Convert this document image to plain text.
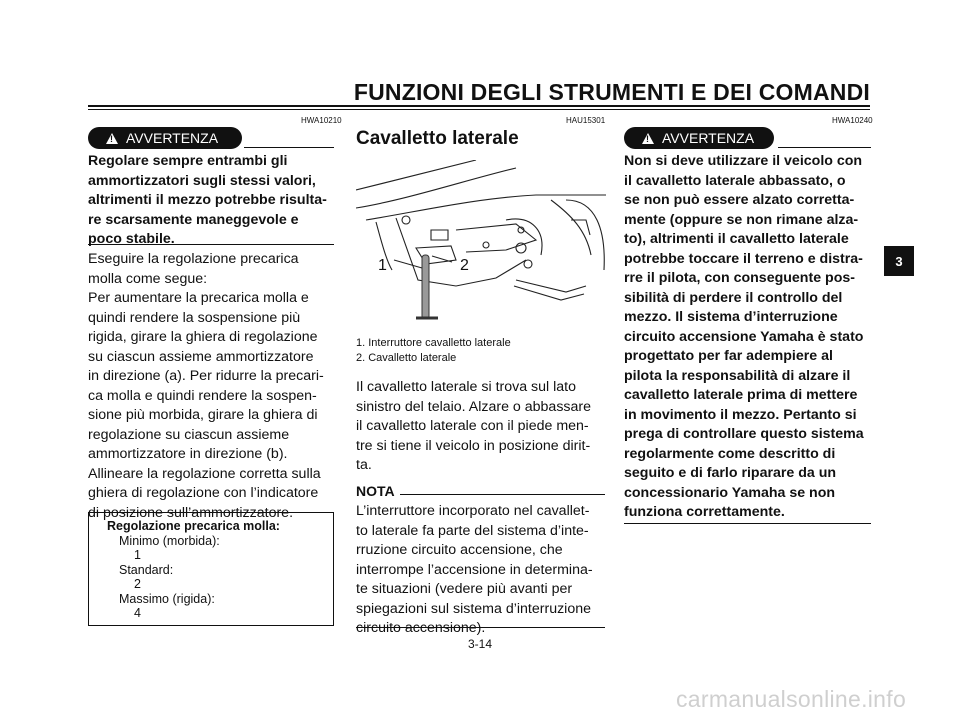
FUNZIONI DEGLI STRUMENTI E DEI COMANDI
HWA10210
!
AVVERTENZA
Regolare sempre entrambi gli
ammortizzatori sugli stessi valori,
altrimenti il mezzo potrebbe risulta-
re scarsamente maneggevole e
poco stabile.
Eseguire la regolazione precarica
molla come segue:
Per aumentare la precarica molla e
quindi rendere la sospensione più
rigida, girare la ghiera di regolazione
su ciascun assieme ammortizzatore
in direzione (a). Per ridurre la precari-
ca molla e quindi rendere la sospen-
sione più morbida, girare la ghiera di
regolazione su ciascun assieme
ammortizzatore in direzione (b).
Allineare la regolazione corretta sulla
ghiera di regolazione con l’indicatore
di posizione sull’ammortizzatore.
Regolazione precarica molla:
Minimo (morbida):
1
Standard:
2
Massimo (rigida):
4
HAU15301
Cavalletto laterale
1	2
1. Interruttore cavalletto laterale
2. Cavalletto laterale
Il cavalletto laterale si trova sul lato
sinistro del telaio. Alzare o abbassare
il cavalletto laterale con il piede men-
tre si tiene il veicolo in posizione dirit-
ta.
NOTA
L’interruttore incorporato nel cavallet-
to laterale fa parte del sistema d’inte-
rruzione circuito accensione, che
interrompe l’accensione in determina-
te situazioni (vedere più avanti per
spiegazioni sul sistema d’interruzione
circuito accensione).
HWA10240
!
AVVERTENZA
Non si deve utilizzare il veicolo con
il cavalletto laterale abbassato, o
se non può essere alzato corretta-
mente (oppure se non rimane alza-
to), altrimenti il cavalletto laterale
potrebbe toccare il terreno e distra-
rre il pilota, con conseguente pos-
sibilità di perdere il controllo del
mezzo. Il sistema d’interruzione
circuito accensione Yamaha è stato
progettato per far adempiere al
pilota la responsabilità di alzare il
cavalletto laterale prima di mettere
in movimento il mezzo. Pertanto si
prega di controllare questo sistema
regolarmente come descritto di
seguito e di farlo riparare da un
concessionario Yamaha se non
funziona correttamente.
3-14
3
carmanualsonline.info
